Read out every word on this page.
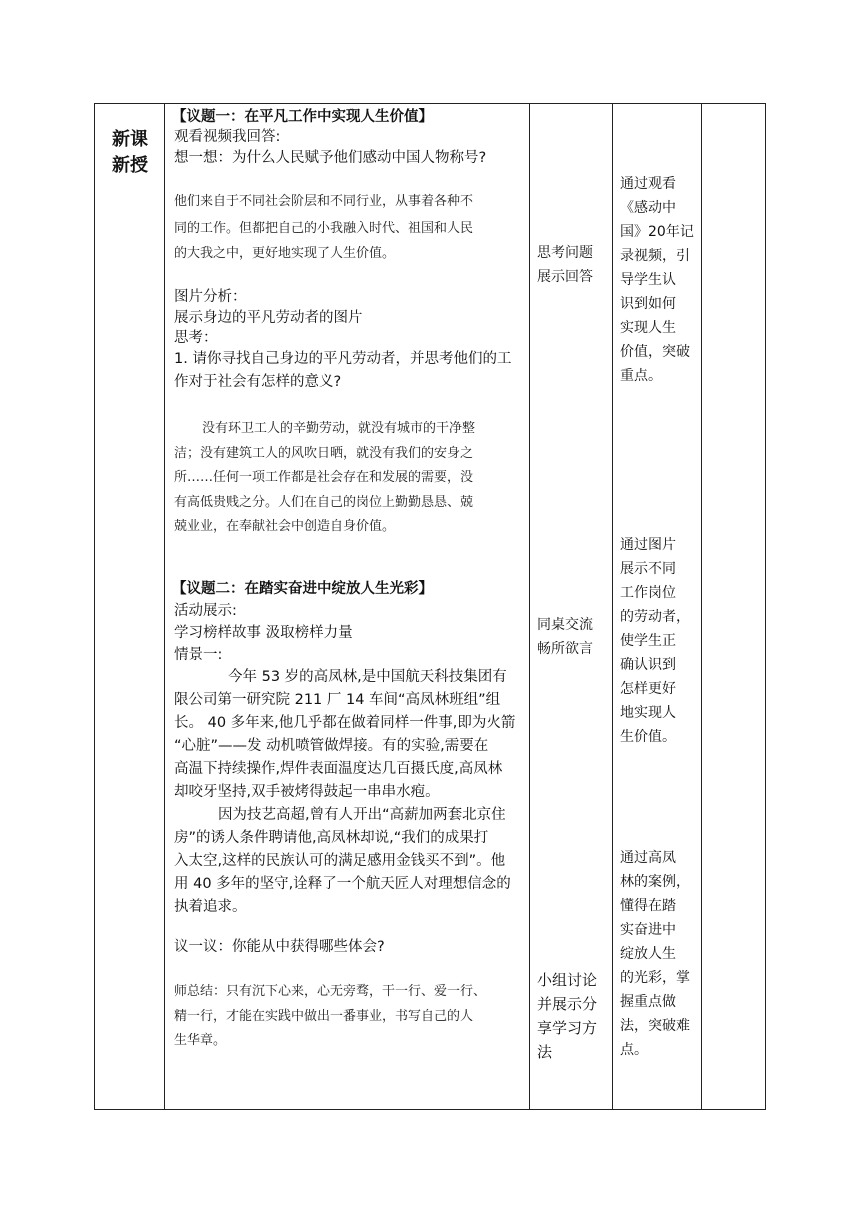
新课
新授
【议题一：在平凡工作中实现人生价值】
观看视频我回答:
想一想：为什么人民赋予他们感动中国人物称号?
他们来自于不同社会阶层和不同行业，从事着各种不
同的工作。但都把自己的小我融入时代、祖国和人民
的大我之中，更好地实现了人生价值。
图片分析：
展示身边的平凡劳动者的图片
思考：
1. 请你寻找自己身边的平凡劳动者，并思考他们的工
作对于社会有怎样的意义?
没有环卫工人的辛勤劳动，就没有城市的干净整
洁；没有建筑工人的风吹日晒，就没有我们的安身之
所……任何一项工作都是社会存在和发展的需要，没
有高低贵贱之分。人们在自己的岗位上勤勤恳恳、兢
兢业业，在奉献社会中创造自身价值。
【议题二：在踏实奋进中绽放人生光彩】
活动展示:
学习榜样故事 汲取榜样力量
情景一:
今年 53 岁的高凤林,是中国航天科技集团有
限公司第一研究院 211 厂 14 车间“高凤林班组”组
长。 40 多年来,他几乎都在做着同样一件事,即为火箭
“心脏”——发 动机喷管做焊接。有的实验,需要在
高温下持续操作,焊件表面温度达几百摄氏度,高凤林
却咬牙坚持,双手被烤得鼓起一串串水疱。
因为技艺高超,曾有人开出“高薪加两套北京住
房”的诱人条件聘请他,高凤林却说,“我们的成果打
入太空,这样的民族认可的满足感用金钱买不到”。他
用 40 多年的坚守,诠释了一个航天匠人对理想信念的
执着追求。
议一议：你能从中获得哪些体会?
师总结：只有沉下心来，心无旁骛，干一行、爱一行、
精一行，才能在实践中做出一番事业，书写自己的人
生华章。
思考问题
展示回答
同桌交流
畅所欲言
小组讨论
并展示分
享学习方
法
通过观看
《感动中
国》20年记
录视频，引
导学生认
识到如何
实现人生
价值，突破
重点。
通过图片
展示不同
工作岗位
的劳动者，
使学生正
确认识到
怎样更好
地实现人
生价值。
通过高凤
林的案例，
懂得在踏
实奋进中
绽放人生
的光彩，掌
握重点做
法，突破难
点。
